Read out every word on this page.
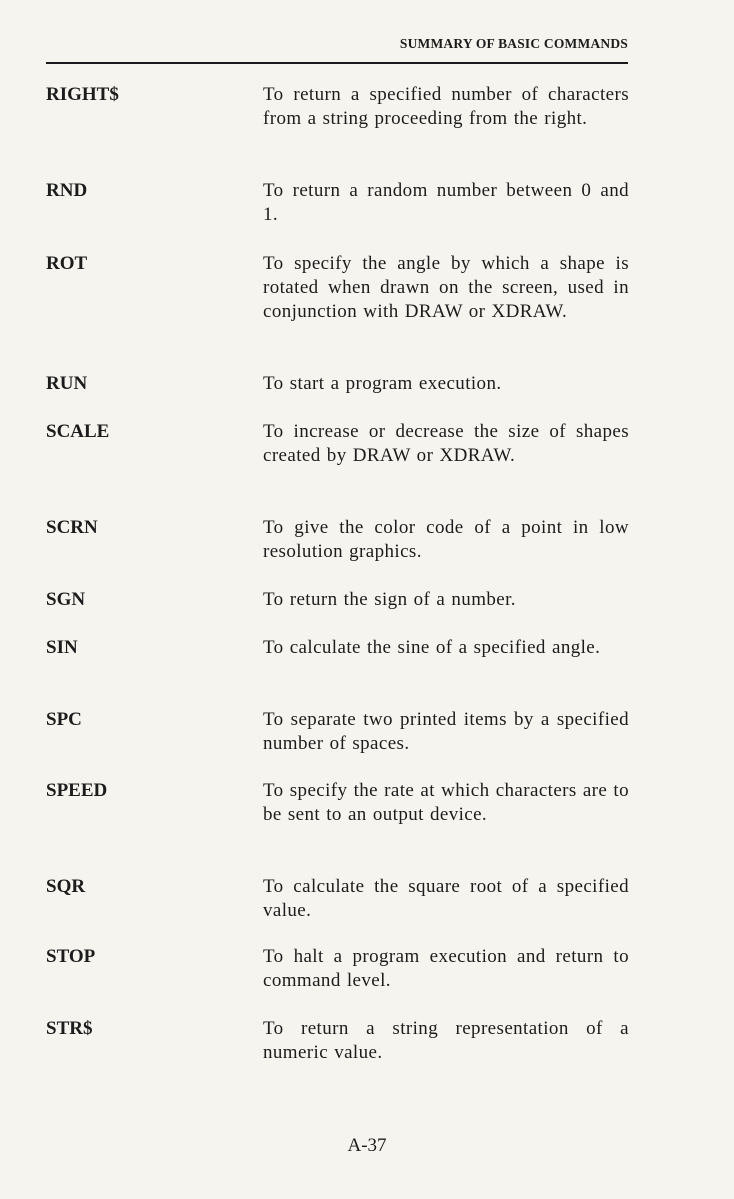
SUMMARY OF BASIC COMMANDS
RIGHT$	To return a specified number of characters from a string proceeding from the right.
RND	To return a random number between 0 and 1.
ROT	To specify the angle by which a shape is rotated when drawn on the screen, used in conjunction with DRAW or XDRAW.
RUN	To start a program execution.
SCALE	To increase or decrease the size of shapes created by DRAW or XDRAW.
SCRN	To give the color code of a point in low resolution graphics.
SGN	To return the sign of a number.
SIN	To calculate the sine of a specified angle.
SPC	To separate two printed items by a specified number of spaces.
SPEED	To specify the rate at which characters are to be sent to an output device.
SQR	To calculate the square root of a specified value.
STOP	To halt a program execution and return to command level.
STR$	To return a string representation of a numeric value.
A-37
